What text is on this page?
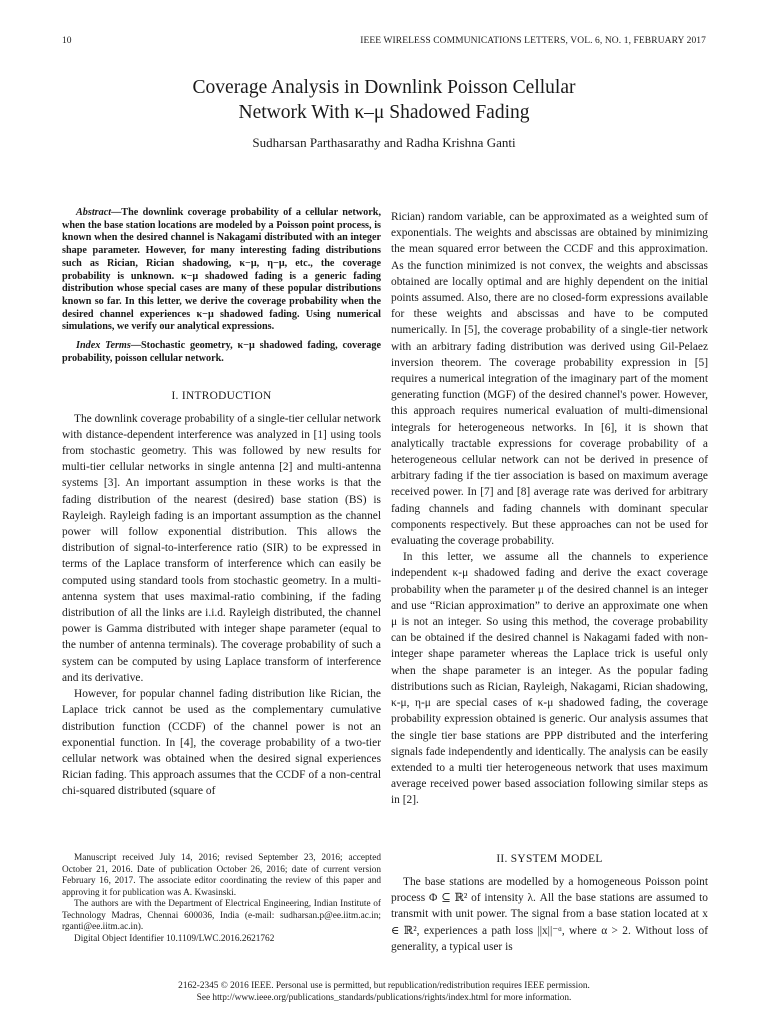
10	IEEE WIRELESS COMMUNICATIONS LETTERS, VOL. 6, NO. 1, FEBRUARY 2017
Coverage Analysis in Downlink Poisson Cellular
Network With κ–μ Shadowed Fading
Sudharsan Parthasarathy and Radha Krishna Ganti

Abstract—The downlink coverage probability of a cellular network, when the base station locations are modeled by a Poisson point process, is known when the desired channel is Nakagami distributed with an integer shape parameter. However, for many interesting fading distributions such as Rician, Rician shadowing, κ−μ, η−μ, etc., the coverage probability is unknown. κ−μ shadowed fading is a generic fading distribution whose special cases are many of these popular distributions known so far. In this letter, we derive the coverage probability when the desired channel experiences κ−μ shadowed fading. Using numerical simulations, we verify our analytical expressions.

Index Terms—Stochastic geometry, κ−μ shadowed fading, coverage probability, poisson cellular network.

I. INTRODUCTION

The downlink coverage probability of a single-tier cellular network with distance-dependent interference was analyzed in [1] using tools from stochastic geometry. This was followed by new results for multi-tier cellular networks in single antenna [2] and multi-antenna systems [3]. An important assumption in these works is that the fading distribution of the nearest (desired) base station (BS) is Rayleigh. Rayleigh fading is an important assumption as the channel power will follow exponential distribution. This allows the distribution of signal-to-interference ratio (SIR) to be expressed in terms of the Laplace transform of interference which can easily be computed using standard tools from stochastic geometry. In a multi-antenna system that uses maximal-ratio combining, if the fading distribution of all the links are i.i.d. Rayleigh distributed, the channel power is Gamma distributed with integer shape parameter (equal to the number of antenna terminals). The coverage probability of such a system can be computed by using Laplace transform of interference and its derivative.

However, for popular channel fading distribution like Rician, the Laplace trick cannot be used as the complementary cumulative distribution function (CCDF) of the channel power is not an exponential function. In [4], the coverage probability of a two-tier cellular network was obtained when the desired signal experiences Rician fading. This approach assumes that the CCDF of a non-central chi-squared distributed (square of

Rician) random variable, can be approximated as a weighted sum of exponentials. The weights and abscissas are obtained by minimizing the mean squared error between the CCDF and this approximation. As the function minimized is not convex, the weights and abscissas obtained are locally optimal and are highly dependent on the initial points assumed. Also, there are no closed-form expressions available for these weights and abscissas and have to be computed numerically. In [5], the coverage probability of a single-tier network with an arbitrary fading distribution was derived using Gil-Pelaez inversion theorem. The coverage probability expression in [5] requires a numerical integration of the imaginary part of the moment generating function (MGF) of the desired channel's power. However, this approach requires numerical evaluation of multi-dimensional integrals for heterogeneous networks. In [6], it is shown that analytically tractable expressions for coverage probability of a heterogeneous cellular network can not be derived in presence of arbitrary fading if the tier association is based on maximum average received power. In [7] and [8] average rate was derived for arbitrary fading channels and fading channels with dominant specular components respectively. But these approaches can not be used for evaluating the coverage probability.

In this letter, we assume all the channels to experience independent κ-μ shadowed fading and derive the exact coverage probability when the parameter μ of the desired channel is an integer and use “Rician approximation” to derive an approximate one when μ is not an integer. So using this method, the coverage probability can be obtained if the desired channel is Nakagami faded with non-integer shape parameter whereas the Laplace trick is useful only when the shape parameter is an integer. As the popular fading distributions such as Rician, Rayleigh, Nakagami, Rician shadowing, κ-μ, η-μ are special cases of κ-μ shadowed fading, the coverage probability expression obtained is generic. Our analysis assumes that the single tier base stations are PPP distributed and the interfering signals fade independently and identically. The analysis can be easily extended to a multi tier heterogeneous network that uses maximum average received power based association following similar steps as in [2].

Manuscript received July 14, 2016; revised September 23, 2016; accepted October 21, 2016. Date of publication October 26, 2016; date of current version February 16, 2017. The associate editor coordinating the review of this paper and approving it for publication was A. Kwasinski.

The authors are with the Department of Electrical Engineering, Indian Institute of Technology Madras, Chennai 600036, India (e-mail: sudharsan.p@ee.iitm.ac.in; rganti@ee.iitm.ac.in).

Digital Object Identifier 10.1109/LWC.2016.2621762

II. SYSTEM MODEL

The base stations are modelled by a homogeneous Poisson point process Φ ⊆ ℝ² of intensity λ. All the base stations are assumed to transmit with unit power. The signal from a base station located at x ∈ ℝ², experiences a path loss ||x||⁻ᵅ, where α > 2. Without loss of generality, a typical user is

2162-2345 © 2016 IEEE. Personal use is permitted, but republication/redistribution requires IEEE permission.
See http://www.ieee.org/publications_standards/publications/rights/index.html for more information.
